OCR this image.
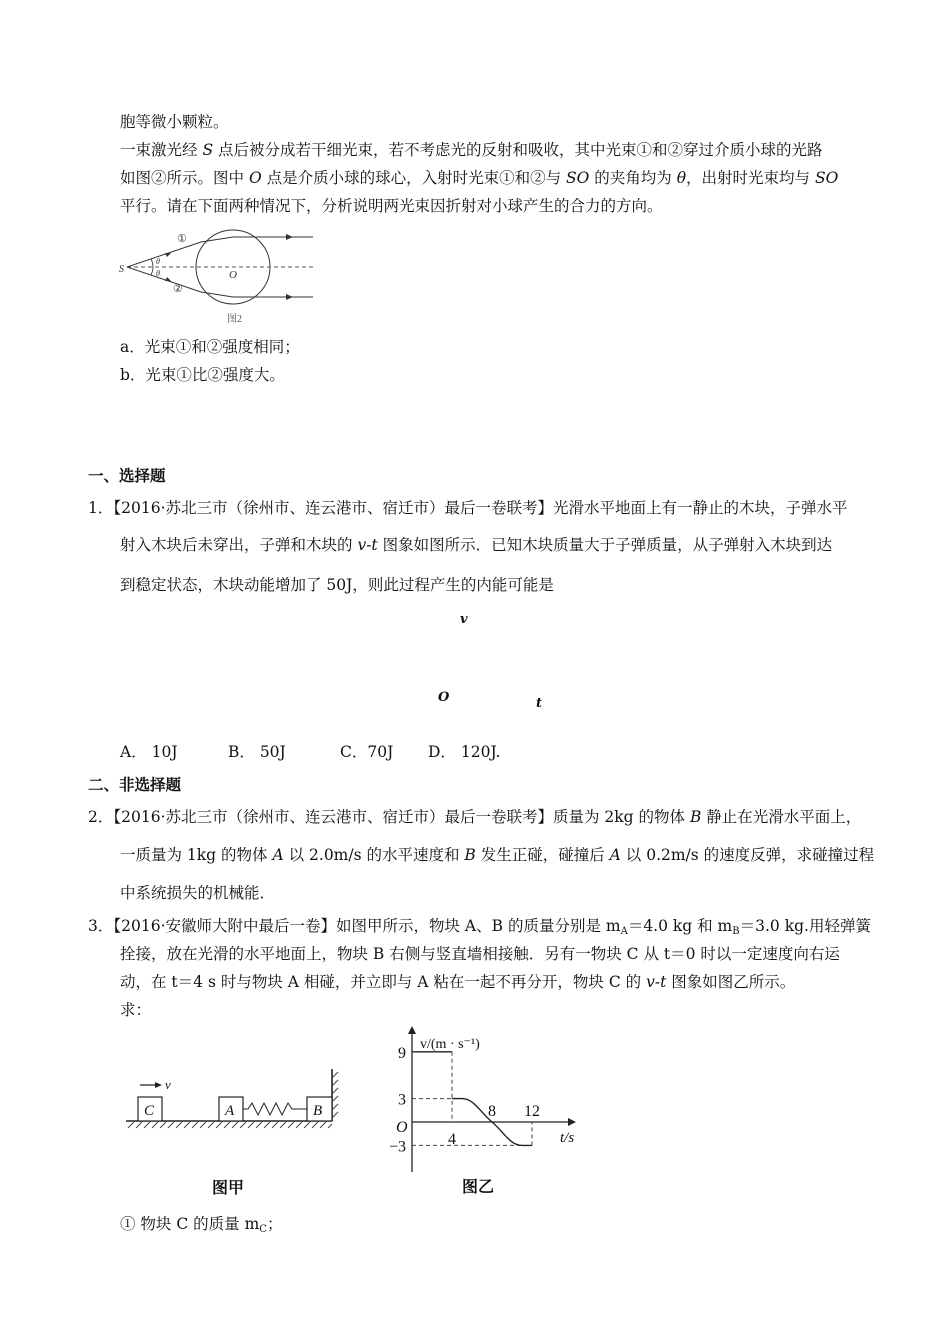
胞等微小颗粒。
一束激光经 S 点后被分成若干细光束，若不考虑光的反射和吸收，其中光束①和②穿过介质小球的光路
如图②所示。图中 O 点是介质小球的球心，入射时光束①和②与 SO 的夹角均为 θ，出射时光束均与 SO
平行。请在下面两种情况下，分析说明两光束因折射对小球产生的合力的方向。
S	O
θ
θ
①
②
图2
a．光束①和②强度相同；
b．光束①比②强度大。
一、选择题
1．【2016·苏北三市（徐州市、连云港市、宿迁市）最后一卷联考】光滑水平地面上有一静止的木块，子弹水平
射入木块后未穿出，子弹和木块的 v-t 图象如图所示．已知木块质量大于子弹质量，从子弹射入木块到达
到稳定状态，木块动能增加了 50J，则此过程产生的内能可能是
v
O	t
A． 10J	B． 50J	C．70J D． 120J.
二、非选择题
2．【2016·苏北三市（徐州市、连云港市、宿迁市）最后一卷联考】质量为 2kg 的物体 B 静止在光滑水平面上，
一质量为 1kg 的物体 A 以 2.0m/s 的水平速度和 B 发生正碰，碰撞后 A 以 0.2m/s 的速度反弹，求碰撞过程
中系统损失的机械能．
3．【2016·安徽师大附中最后一卷】如图甲所示，物块 A、B 的质量分别是 $m_A=4.0$ kg 和 $m_B=3.0$ kg.用轻弹簧
拴接，放在光滑的水平地面上，物块 B 右侧与竖直墙相接触．另有一物块 C 从 t＝0 时以一定速度向右运
动，在 t＝4 s 时与物块 A 相碰，并立即与 A 粘在一起不再分开，物块 C 的 v-t 图象如图乙所示。
求：
C
v
A	B
图甲
9
3
−3	4
8 12
O
v/(m · s⁻¹)
t/s
图乙
① 物块 C 的质量 $m_C$；
